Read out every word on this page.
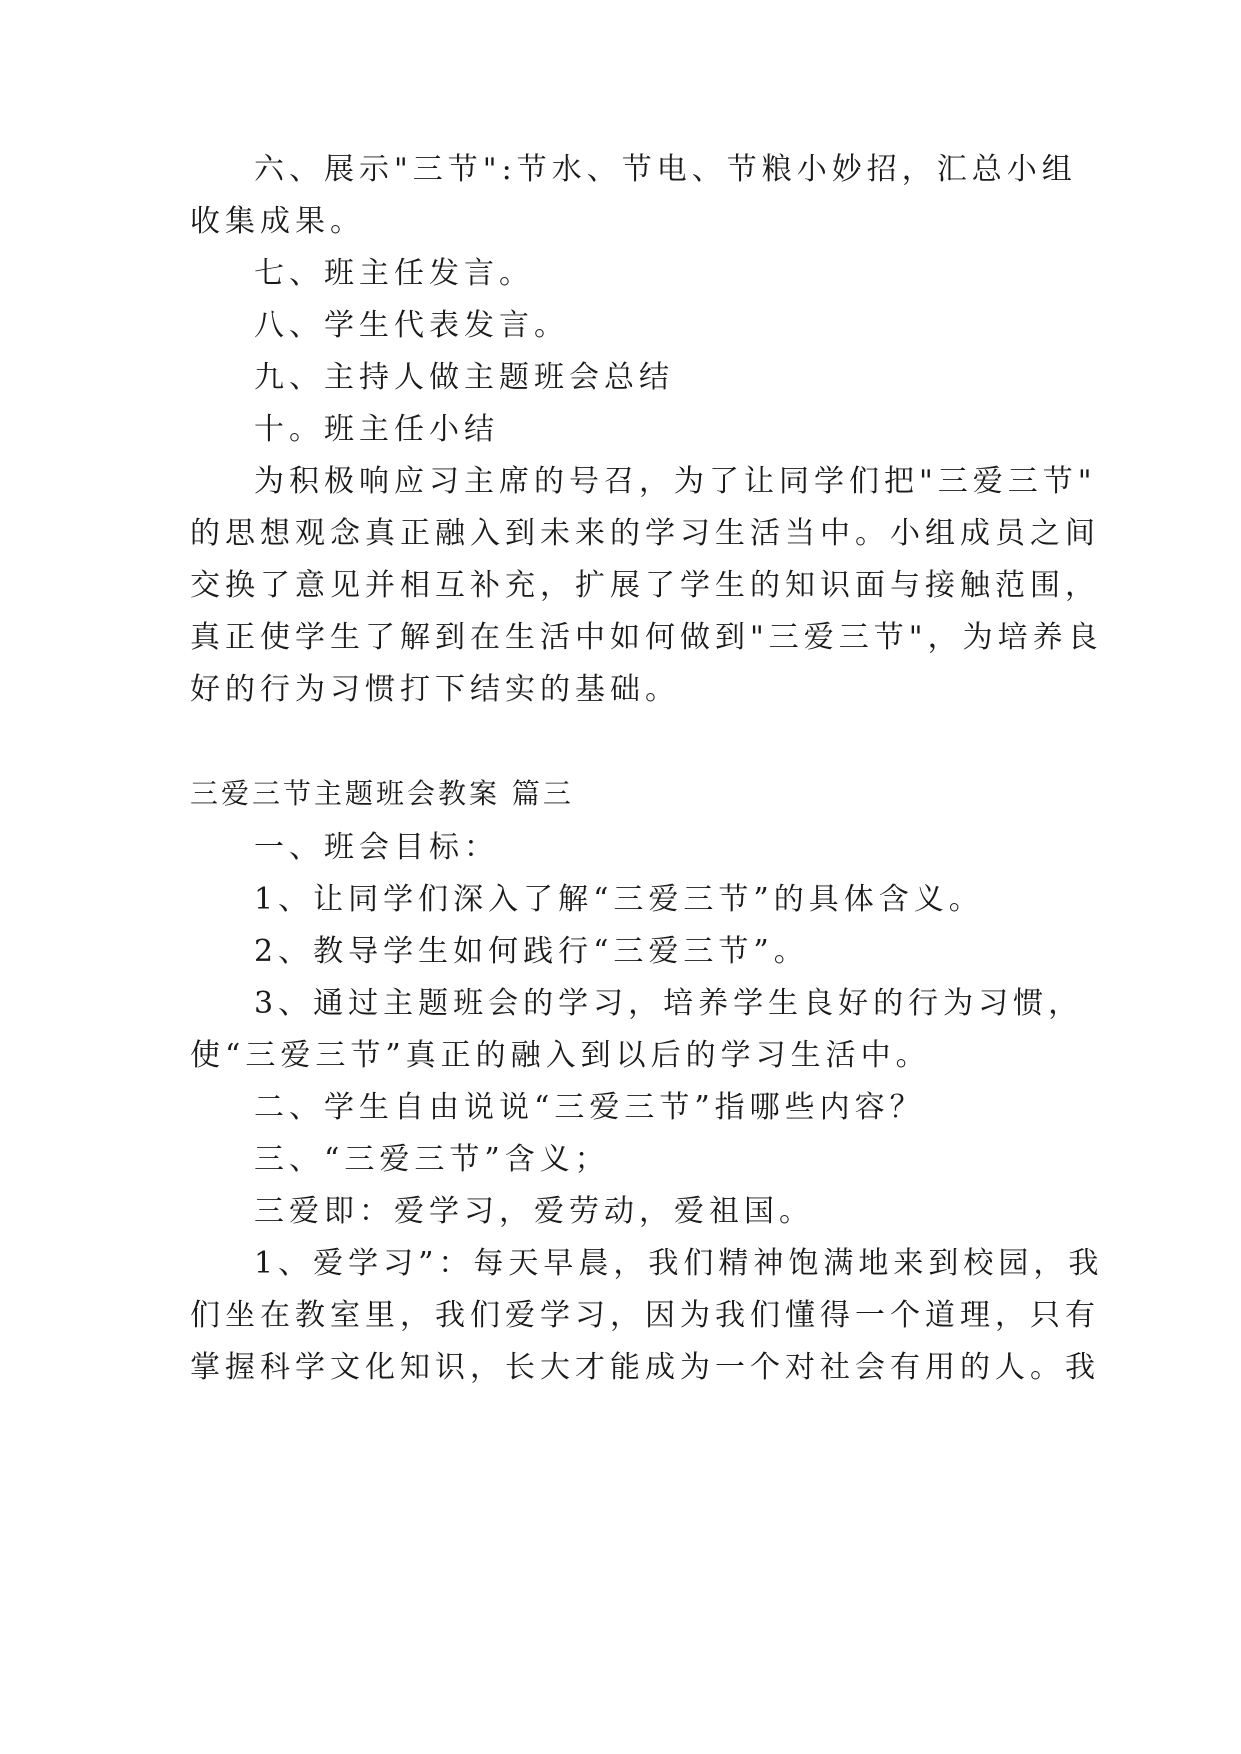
六、展示"三节":节水、节电、节粮小妙招，汇总小组
收集成果。
七、班主任发言。
八、学生代表发言。
九、主持人做主题班会总结
十。班主任小结
为积极响应习主席的号召，为了让同学们把"三爱三节"
的思想观念真正融入到未来的学习生活当中。小组成员之间
交换了意见并相互补充，扩展了学生的知识面与接触范围，
真正使学生了解到在生活中如何做到"三爱三节"，为培养良
好的行为习惯打下结实的基础。
三爱三节主题班会教案 篇三
一、班会目标：
1、让同学们深入了解“三爱三节”的具体含义。
2、教导学生如何践行“三爱三节”。
3、通过主题班会的学习，培养学生良好的行为习惯，
使“三爱三节”真正的融入到以后的学习生活中。
二、学生自由说说“三爱三节”指哪些内容？
三、“三爱三节”含义；
三爱即：爱学习，爱劳动，爱祖国。
1、爱学习”：每天早晨，我们精神饱满地来到校园，我
们坐在教室里，我们爱学习，因为我们懂得一个道理，只有
掌握科学文化知识，长大才能成为一个对社会有用的人。我
